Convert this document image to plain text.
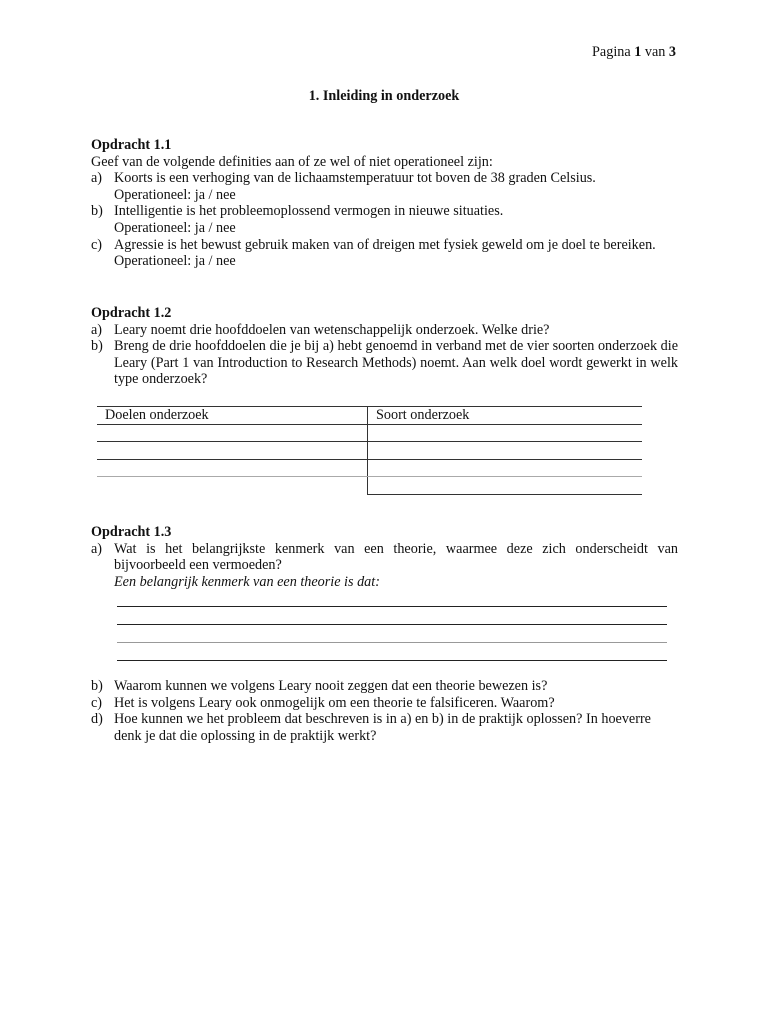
Pagina 1 van 3
1. Inleiding in onderzoek

Opdracht 1.1

Geef van de volgende definities aan of ze wel of niet operationeel zijn:

a) Koorts is een verhoging van de lichaamstemperatuur tot boven de 38 graden Celsius.

Operationeel: ja / nee

b) Intelligentie is het probleemoplossend vermogen in nieuwe situaties.

Operationeel: ja / nee

c) Agressie is het bewust gebruik maken van of dreigen met fysiek geweld om je doel te bereiken.

Operationeel: ja / nee

Opdracht 1.2

a) Leary noemt drie hoofddoelen van wetenschappelijk onderzoek. Welke drie?
b) Breng de drie hoofddoelen die je bij a) hebt genoemd in verband met de vier soorten onderzoek die Leary (Part 1 van Introduction to Research Methods) noemt. Aan welk doel wordt gewerkt in welk type onderzoek?
Doelen onderzoek	Soort onderzoek

Opdracht 1.3

a) Wat is het belangrijkste kenmerk van een theorie, waarmee deze zich onderscheidt van bijvoorbeeld een vermoeden?

Een belangrijk kenmerk van een theorie is dat:

b) Waarom kunnen we volgens Leary nooit zeggen dat een theorie bewezen is?
c) Het is volgens Leary ook onmogelijk om een theorie te falsificeren. Waarom?
d) Hoe kunnen we het probleem dat beschreven is in a) en b) in de praktijk oplossen? In hoeverre denk je dat die oplossing in de praktijk werkt?
